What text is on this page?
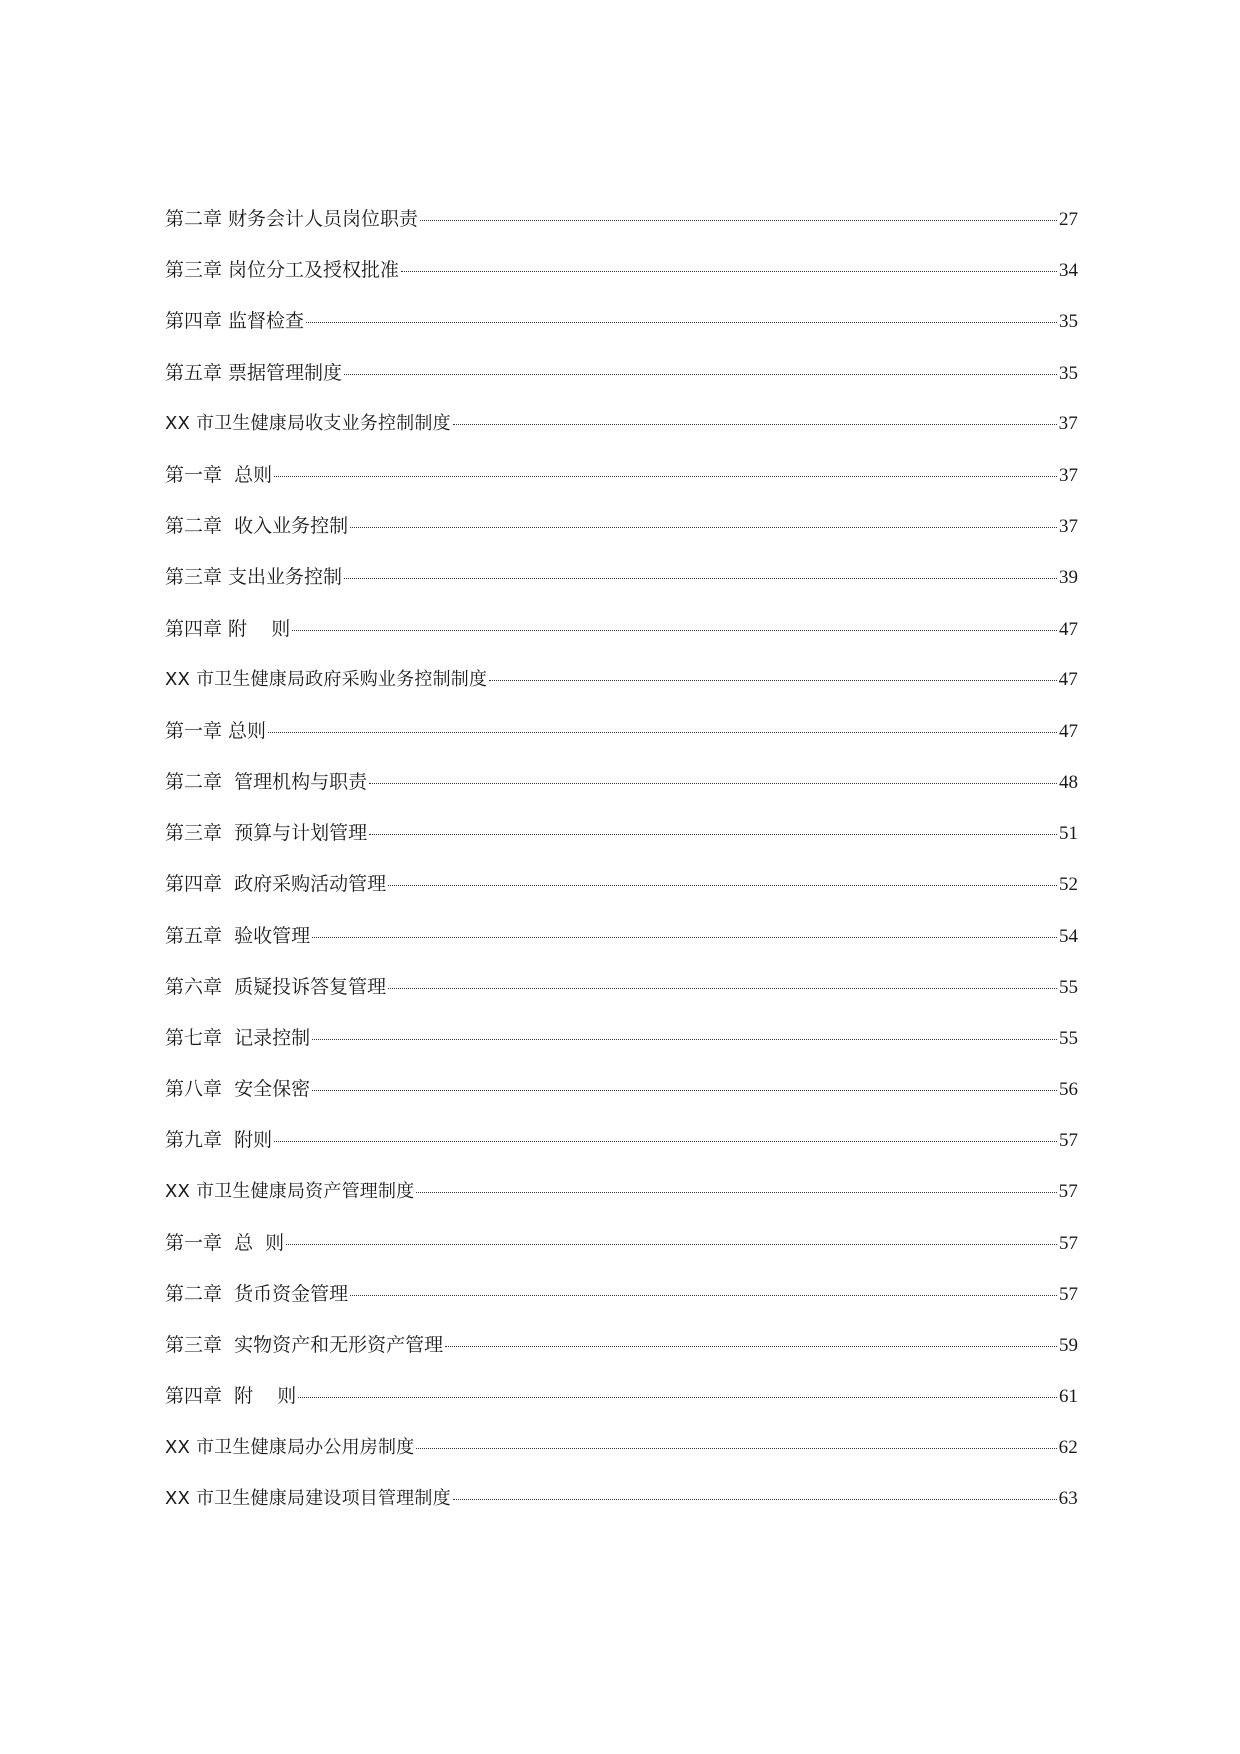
第二章 财务会计人员岗位职责	27
第三章 岗位分工及授权批准	34
第四章 监督检查	35
第五章 票据管理制度	35
XX 市卫生健康局收支业务控制制度	37
第一章  总则	37
第二章  收入业务控制	37
第三章 支出业务控制	39
第四章 附    则	47
XX 市卫生健康局政府采购业务控制制度	47
第一章 总则	47
第二章  管理机构与职责	48
第三章  预算与计划管理	51
第四章  政府采购活动管理	52
第五章  验收管理	54
第六章  质疑投诉答复管理	55
第七章  记录控制	55
第八章  安全保密	56
第九章  附则	57
XX 市卫生健康局资产管理制度	57
第一章  总  则	57
第二章  货币资金管理	57
第三章  实物资产和无形资产管理	59
第四章  附    则	61
XX 市卫生健康局办公用房制度	62
XX 市卫生健康局建设项目管理制度	63
